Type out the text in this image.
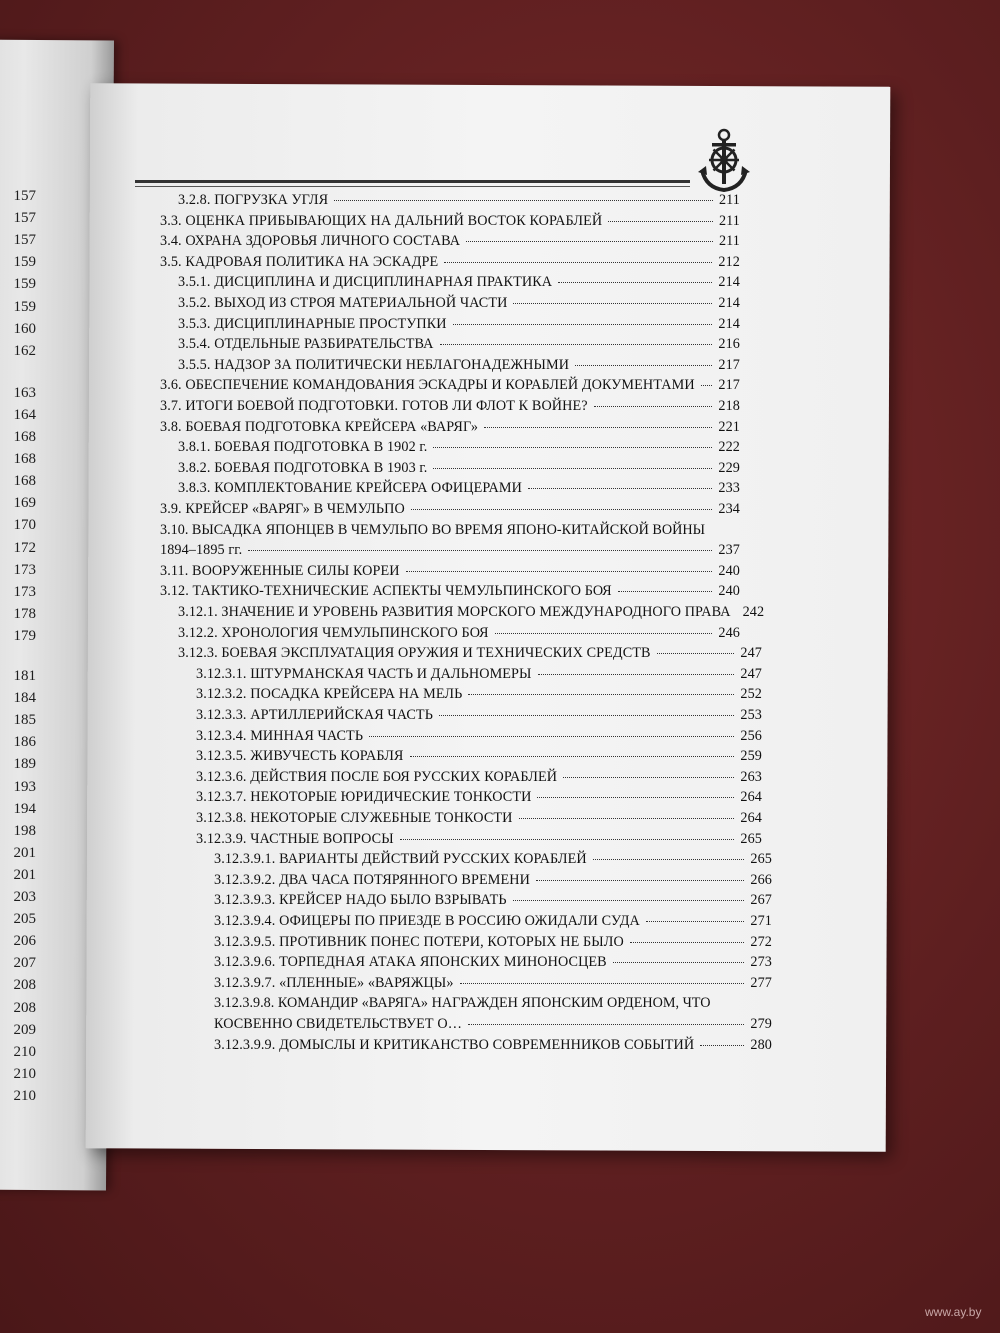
157
157
157
159
159
159
160
162
163
164
168
168
168
169
170
172
173
173
178
179
181
184
185
186
189
193
194
198
201
201
203
205
206
207
208
208
209
210
210
210
3.2.8. ПОГРУЗКА УГЛЯ	211
3.3. ОЦЕНКА ПРИБЫВАЮЩИХ НА ДАЛЬНИЙ ВОСТОК КОРАБЛЕЙ	211
3.4. ОХРАНА ЗДОРОВЬЯ ЛИЧНОГО СОСТАВА	211
3.5. КАДРОВАЯ ПОЛИТИКА НА ЭСКАДРЕ	212
3.5.1. ДИСЦИПЛИНА И ДИСЦИПЛИНАРНАЯ ПРАКТИКА	214
3.5.2. ВЫХОД ИЗ СТРОЯ МАТЕРИАЛЬНОЙ ЧАСТИ	214
3.5.3. ДИСЦИПЛИНАРНЫЕ ПРОСТУПКИ	214
3.5.4. ОТДЕЛЬНЫЕ РАЗБИРАТЕЛЬСТВА	216
3.5.5. НАДЗОР ЗА ПОЛИТИЧЕСКИ НЕБЛАГОНАДЕЖНЫМИ	217
3.6. ОБЕСПЕЧЕНИЕ КОМАНДОВАНИЯ ЭСКАДРЫ И КОРАБЛЕЙ ДОКУМЕНТАМИ 217
3.7. ИТОГИ БОЕВОЙ ПОДГОТОВКИ. ГОТОВ ЛИ ФЛОТ К ВОЙНЕ?	218
3.8. БОЕВАЯ ПОДГОТОВКА КРЕЙСЕРА «ВАРЯГ»	221
3.8.1. БОЕВАЯ ПОДГОТОВКА В 1902 г.	222
3.8.2. БОЕВАЯ ПОДГОТОВКА В 1903 г.	229
3.8.3. КОМПЛЕКТОВАНИЕ КРЕЙСЕРА ОФИЦЕРАМИ	233
3.9. КРЕЙСЕР «ВАРЯГ» В ЧЕМУЛЬПО	234
3.10. ВЫСАДКА ЯПОНЦЕВ В ЧЕМУЛЬПО ВО ВРЕМЯ ЯПОНО-КИТАЙСКОЙ ВОЙНЫ
1894–1895 гг.	237
3.11. ВООРУЖЕННЫЕ СИЛЫ КОРЕИ	240
3.12. ТАКТИКО-ТЕХНИЧЕСКИЕ АСПЕКТЫ ЧЕМУЛЬПИНСКОГО БОЯ	240
3.12.1. ЗНАЧЕНИЕ И УРОВЕНЬ РАЗВИТИЯ МОРСКОГО МЕЖДУНАРОДНОГО ПРАВА 242
3.12.2. ХРОНОЛОГИЯ ЧЕМУЛЬПИНСКОГО БОЯ	246
3.12.3. БОЕВАЯ ЭКСПЛУАТАЦИЯ ОРУЖИЯ И ТЕХНИЧЕСКИХ СРЕДСТВ	247
3.12.3.1. ШТУРМАНСКАЯ ЧАСТЬ И ДАЛЬНОМЕРЫ	247
3.12.3.2. ПОСАДКА КРЕЙСЕРА НА МЕЛЬ	252
3.12.3.3. АРТИЛЛЕРИЙСКАЯ ЧАСТЬ	253
3.12.3.4. МИННАЯ ЧАСТЬ	256
3.12.3.5. ЖИВУЧЕСТЬ КОРАБЛЯ	259
3.12.3.6. ДЕЙСТВИЯ ПОСЛЕ БОЯ РУССКИХ КОРАБЛЕЙ	263
3.12.3.7. НЕКОТОРЫЕ ЮРИДИЧЕСКИЕ ТОНКОСТИ	264
3.12.3.8. НЕКОТОРЫЕ СЛУЖЕБНЫЕ ТОНКОСТИ	264
3.12.3.9. ЧАСТНЫЕ ВОПРОСЫ	265
3.12.3.9.1. ВАРИАНТЫ ДЕЙСТВИЙ РУССКИХ КОРАБЛЕЙ	265
3.12.3.9.2. ДВА ЧАСА ПОТЯРЯННОГО ВРЕМЕНИ	266
3.12.3.9.3. КРЕЙСЕР НАДО БЫЛО ВЗРЫВАТЬ	267
3.12.3.9.4. ОФИЦЕРЫ ПО ПРИЕЗДЕ В РОССИЮ ОЖИДАЛИ СУДА	271
3.12.3.9.5. ПРОТИВНИК ПОНЕС ПОТЕРИ, КОТОРЫХ НЕ БЫЛО	272
3.12.3.9.6. ТОРПЕДНАЯ АТАКА ЯПОНСКИХ МИНОНОСЦЕВ	273
3.12.3.9.7. «ПЛЕННЫЕ» «ВАРЯЖЦЫ»	277
3.12.3.9.8. КОМАНДИР «ВАРЯГА» НАГРАЖДЕН ЯПОНСКИМ ОРДЕНОМ, ЧТО
КОСВЕННО СВИДЕТЕЛЬСТВУЕТ О…	279
3.12.3.9.9. ДОМЫСЛЫ И КРИТИКАНСТВО СОВРЕМЕННИКОВ СОБЫТИЙ	280
www.ay.by
